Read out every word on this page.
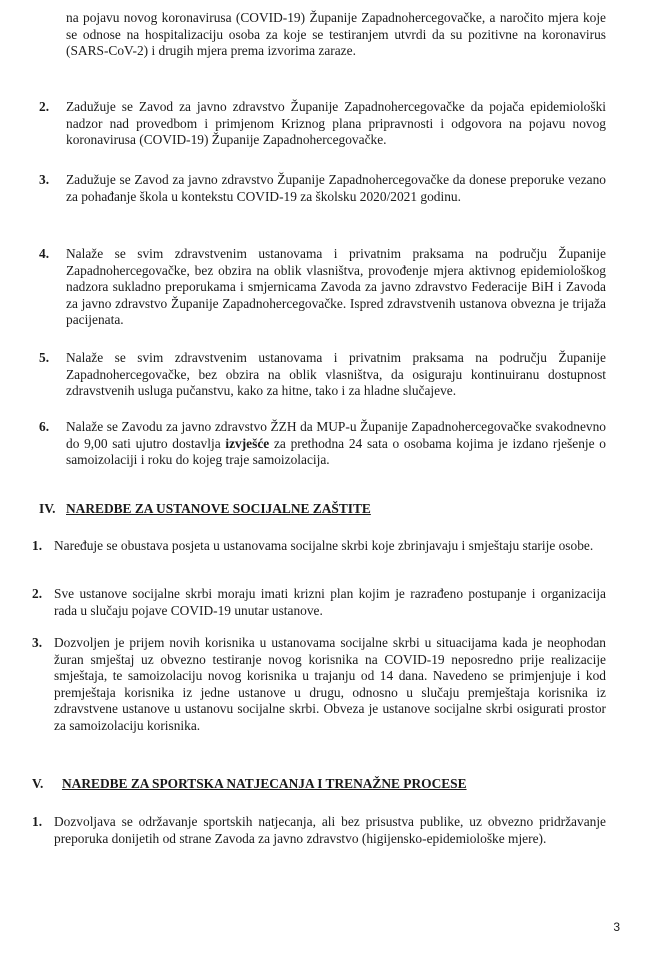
na pojavu novog koronavirusa (COVID-19) Županije Zapadnohercegovačke, a naročito mjera koje se odnose na hospitalizaciju osoba za koje se testiranjem utvrdi da su pozitivne na koronavirus (SARS-CoV-2) i drugih mjera prema izvorima zaraze.
2. Zadužuje se Zavod za javno zdravstvo Županije Zapadnohercegovačke da pojača epidemiološki nadzor nad provedbom i primjenom Kriznog plana pripravnosti i odgovora na pojavu novog koronavirusa (COVID-19) Županije Zapadnohercegovačke.
3. Zadužuje se Zavod za javno zdravstvo Županije Zapadnohercegovačke da donese preporuke vezano za pohađanje škola u kontekstu COVID-19 za školsku 2020/2021 godinu.
4. Nalaže se svim zdravstvenim ustanovama i privatnim praksama na području Županije Zapadnohercegovačke, bez obzira na oblik vlasništva, provođenje mjera aktivnog epidemiološkog nadzora sukladno preporukama i smjernicama Zavoda za javno zdravstvo Federacije BiH i Zavoda za javno zdravstvo Županije Zapadnohercegovačke. Ispred zdravstvenih ustanova obvezna je trijaža pacijenata.
5. Nalaže se svim zdravstvenim ustanovama i privatnim praksama na području Županije Zapadnohercegovačke, bez obzira na oblik vlasništva, da osiguraju kontinuiranu dostupnost zdravstvenih usluga pučanstvu, kako za hitne, tako i za hladne slučajeve.
6. Nalaže se Zavodu za javno zdravstvo ŽZH da MUP-u Županije Zapadnohercegovačke svakodnevno do 9,00 sati ujutro dostavlja izvješće za prethodna 24 sata o osobama kojima je izdano rješenje o samoizolaciji i roku do kojeg traje samoizolacija.
IV. NAREDBE ZA USTANOVE SOCIJALNE ZAŠTITE
1. Naređuje se obustava posjeta u ustanovama socijalne skrbi koje zbrinjavaju i smještaju starije osobe.
2. Sve ustanove socijalne skrbi moraju imati krizni plan kojim je razrađeno postupanje i organizacija rada u slučaju pojave COVID-19 unutar ustanove.
3. Dozvoljen je prijem novih korisnika u ustanovama socijalne skrbi u situacijama kada je neophodan žuran smještaj uz obvezno testiranje novog korisnika na COVID-19 neposredno prije realizacije smještaja, te samoizolaciju novog korisnika u trajanju od 14 dana. Navedeno se primjenjuje i kod premještaja korisnika iz jedne ustanove u drugu, odnosno u slučaju premještaja korisnika iz zdravstvene ustanove u ustanovu socijalne skrbi. Obveza je ustanove socijalne skrbi osigurati prostor za samoizolaciju korisnika.
V. NAREDBE ZA SPORTSKA NATJECANJA I TRENAŽNE PROCESE
1. Dozvoljava se održavanje sportskih natjecanja, ali bez prisustva publike, uz obvezno pridržavanje preporuka donijetih od strane Zavoda za javno zdravstvo (higijensko-epidemiološke mjere).
3
